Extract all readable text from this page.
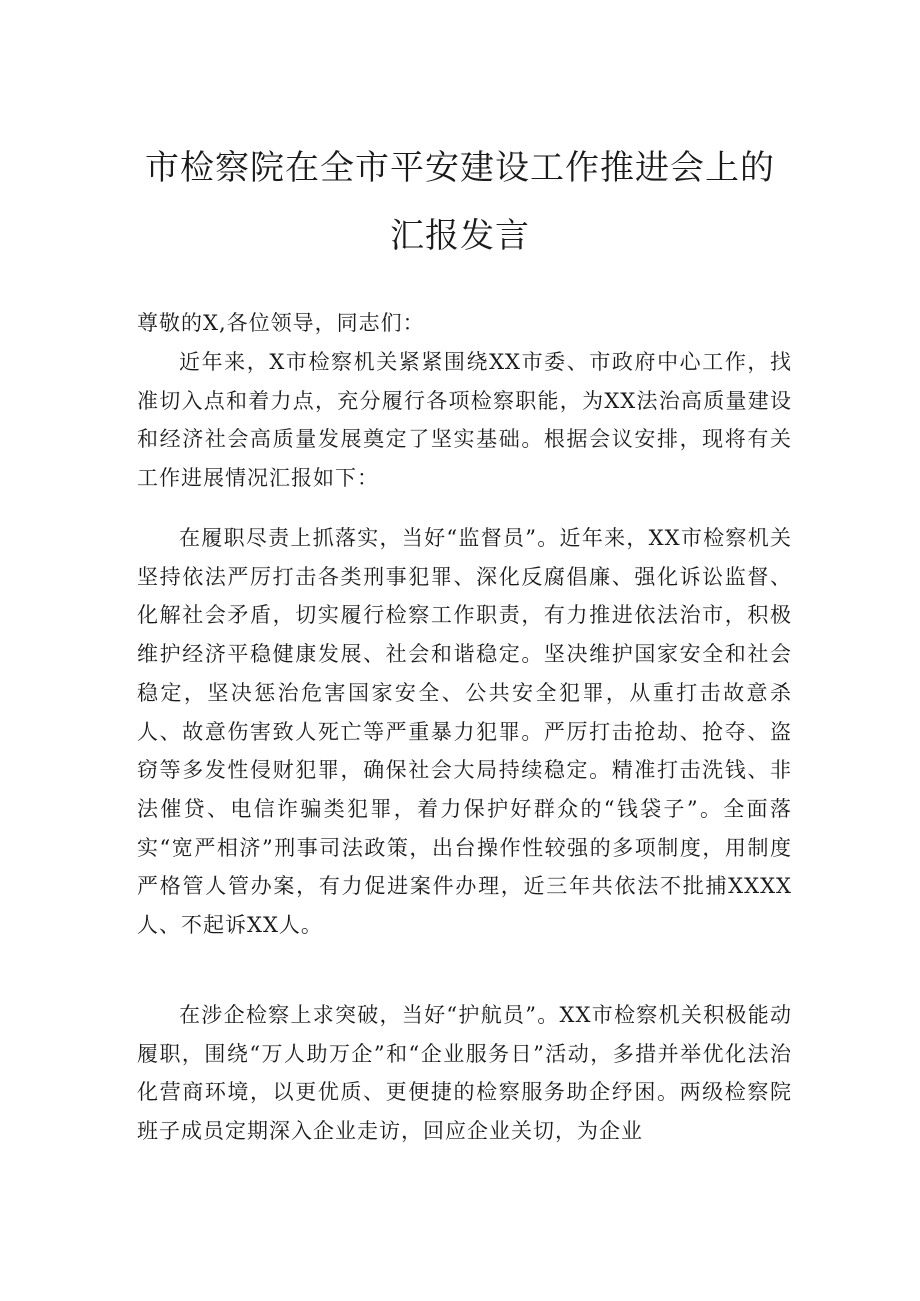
市检察院在全市平安建设工作推进会上的
汇报发言
尊敬的X,各位领导，同志们：
近年来，X市检察机关紧紧围绕XX市委、市政府中心工作，找准切入点和着力点，充分履行各项检察职能，为XX法治高质量建设和经济社会高质量发展奠定了坚实基础。根据会议安排，现将有关工作进展情况汇报如下：
在履职尽责上抓落实，当好“监督员”。近年来，XX市检察机关坚持依法严厉打击各类刑事犯罪、深化反腐倡廉、强化诉讼监督、化解社会矛盾，切实履行检察工作职责，有力推进依法治市，积极维护经济平稳健康发展、社会和谐稳定。坚决维护国家安全和社会稳定，坚决惩治危害国家安全、公共安全犯罪，从重打击故意杀人、故意伤害致人死亡等严重暴力犯罪。严厉打击抢劫、抢夺、盗窃等多发性侵财犯罪，确保社会大局持续稳定。精准打击洗钱、非法催贷、电信诈骗类犯罪，着力保护好群众的“钱袋子”。全面落实“宽严相济”刑事司法政策，出台操作性较强的多项制度，用制度严格管人管办案，有力促进案件办理，近三年共依法不批捕XXXX人、不起诉XX人。
在涉企检察上求突破，当好“护航员”。XX市检察机关积极能动履职，围绕“万人助万企”和“企业服务日”活动，多措并举优化法治化营商环境，以更优质、更便捷的检察服务助企纾困。两级检察院班子成员定期深入企业走访，回应企业关切，为企业
